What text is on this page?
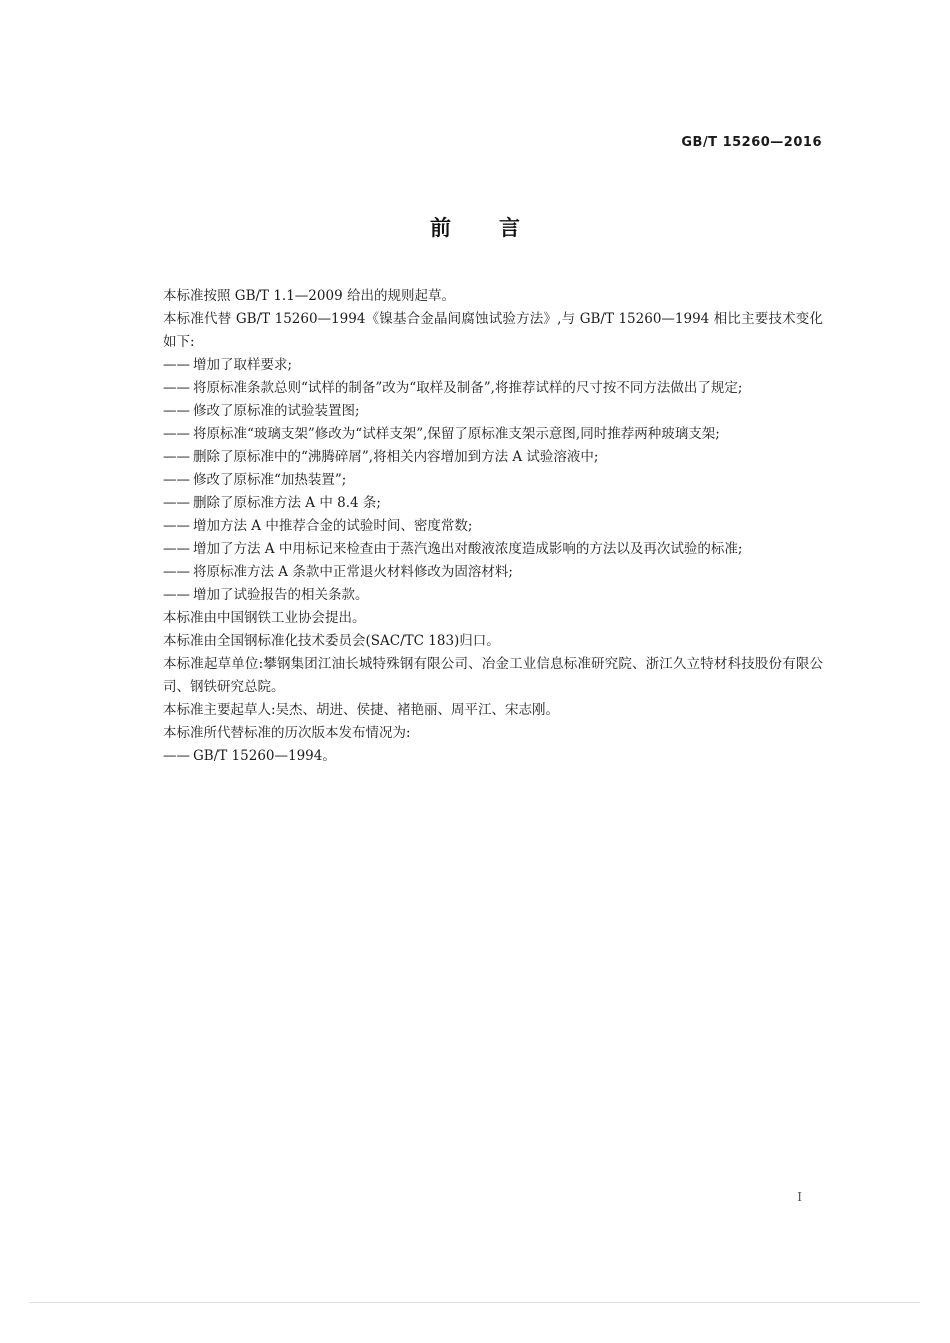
GB/T 15260—2016
前言

本标准按照 GB/T 1.1—2009 给出的规则起草。

本标准代替 GB/T 15260—1994《镍基合金晶间腐蚀试验方法》,与 GB/T 15260—1994 相比主要技术变化如下:

—— 增加了取样要求;

—— 将原标准条款总则“试样的制备”改为“取样及制备”,将推荐试样的尺寸按不同方法做出了规定;

—— 修改了原标准的试验装置图;

—— 将原标准“玻璃支架”修改为“试样支架”,保留了原标准支架示意图,同时推荐两种玻璃支架;

—— 删除了原标准中的“沸腾碎屑”,将相关内容增加到方法 A 试验溶液中;

—— 修改了原标准“加热装置”;

—— 删除了原标准方法 A 中 8.4 条;

—— 增加方法 A 中推荐合金的试验时间、密度常数;

—— 增加了方法 A 中用标记来检查由于蒸汽逸出对酸液浓度造成影响的方法以及再次试验的标准;

—— 将原标准方法 A 条款中正常退火材料修改为固溶材料;

—— 增加了试验报告的相关条款。

本标准由中国钢铁工业协会提出。

本标准由全国钢标准化技术委员会(SAC/TC 183)归口。

本标准起草单位:攀钢集团江油长城特殊钢有限公司、冶金工业信息标准研究院、浙江久立特材科技股份有限公司、钢铁研究总院。

本标准主要起草人:吴杰、胡进、侯捷、褚艳丽、周平江、宋志刚。

本标准所代替标准的历次版本发布情况为:

—— GB/T 15260—1994。

I
